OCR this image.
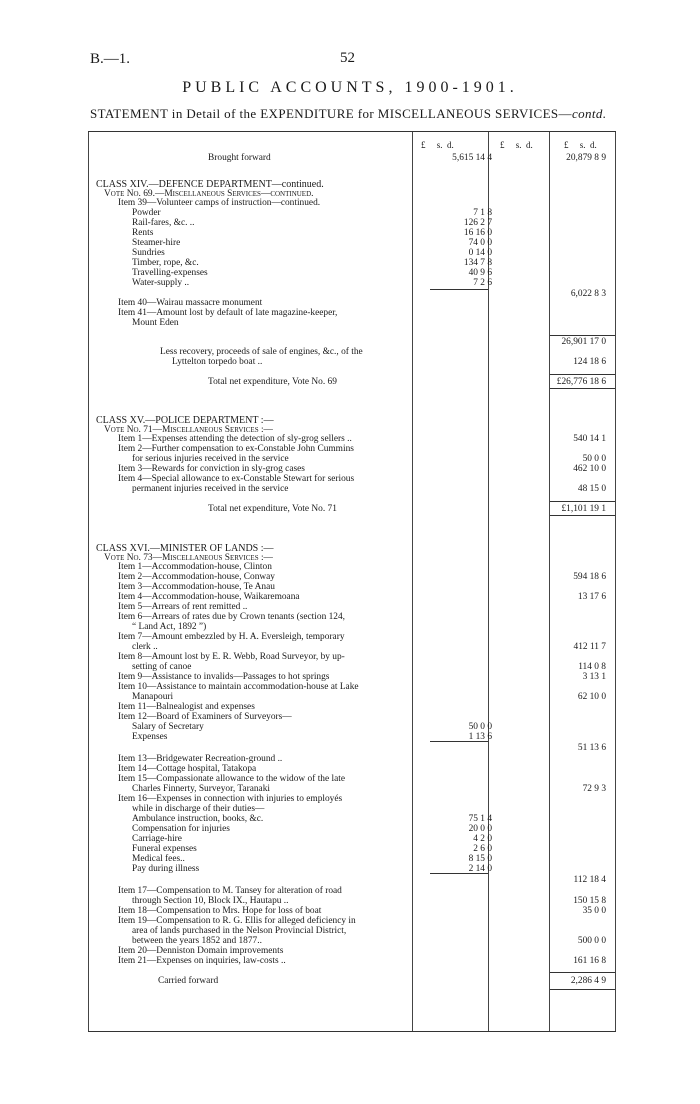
B.—1.	52
PUBLIC ACCOUNTS, 1900-1901.
STATEMENT in Detail of the EXPENDITURE for MISCELLANEOUS SERVICES—contd.
£ s. d.	£ s. d.	£ s. d.
Brought forward	5,615 14 4	20,879 8 9
CLASS XIV.—DEFENCE DEPARTMENT—continued.
Vote No. 69.—Miscellaneous Services—continued.
Item 39—Volunteer camps of instruction—continued.
Powder	7 1 8
Rail-fares, &c. ..	126 2 7
Rents	16 16 0
Steamer-hire	74 0 0
Sundries	0 14 0
Timber, rope, &c.	134 7 8
Travelling-expenses	40 9 6
Water-supply ..	7 2 6
6,022 8 3
Item 40—Wairau massacre monument
Item 41—Amount lost by default of late magazine-keeper,
Mount Eden
26,901 17 0
Less recovery, proceeds of sale of engines, &c., of the
Lyttelton torpedo boat ..	124 18 6
Total net expenditure, Vote No. 69	£26,776 18 6
CLASS XV.—POLICE DEPARTMENT :—
Vote No. 71—Miscellaneous Services :—
Item 1—Expenses attending the detection of sly-grog sellers ..	540 14 1
Item 2—Further compensation to ex-Constable John Cummins
for serious injuries received in the service	50 0 0
Item 3—Rewards for conviction in sly-grog cases	462 10 0
Item 4—Special allowance to ex-Constable Stewart for serious
permanent injuries received in the service	48 15 0
Total net expenditure, Vote No. 71	£1,101 19 1
CLASS XVI.—MINISTER OF LANDS :—
Vote No. 73—Miscellaneous Services :—
Item 1—Accommodation-house, Clinton
Item 2—Accommodation-house, Conway	594 18 6
Item 3—Accommodation-house, Te Anau
Item 4—Accommodation-house, Waikaremoana	13 17 6
Item 5—Arrears of rent remitted ..
Item 6—Arrears of rates due by Crown tenants (section 124,
“ Land Act, 1892 ”)
Item 7—Amount embezzled by H. A. Eversleigh, temporary
clerk ..	412 11 7
Item 8—Amount lost by E. R. Webb, Road Surveyor, by up-
setting of canoe	114 0 8
Item 9—Assistance to invalids—Passages to hot springs	3 13 1
Item 10—Assistance to maintain accommodation-house at Lake
Manapouri	62 10 0
Item 11—Balnealogist and expenses
Item 12—Board of Examiners of Surveyors—
Salary of Secretary	50 0 0
Expenses	1 13 6
51 13 6
Item 13—Bridgewater Recreation-ground ..
Item 14—Cottage hospital, Tatakopa
Item 15—Compassionate allowance to the widow of the late
Charles Finnerty, Surveyor, Taranaki	72 9 3
Item 16—Expenses in connection with injuries to employés
while in discharge of their duties—
Ambulance instruction, books, &c.	75 1 4
Compensation for injuries	20 0 0
Carriage-hire	4 2 0
Funeral expenses	2 6 0
Medical fees..	8 15 0
Pay during illness	2 14 0
112 18 4
Item 17—Compensation to M. Tansey for alteration of road
through Section 10, Block IX., Hautapu ..	150 15 8
Item 18—Compensation to Mrs. Hope for loss of boat	35 0 0
Item 19—Compensation to R. G. Ellis for alleged deficiency in
area of lands purchased in the Nelson Provincial District,
between the years 1852 and 1877..	500 0 0
Item 20—Denniston Domain improvements
Item 21—Expenses on inquiries, law-costs ..	161 16 8
Carried forward	2,286 4 9
